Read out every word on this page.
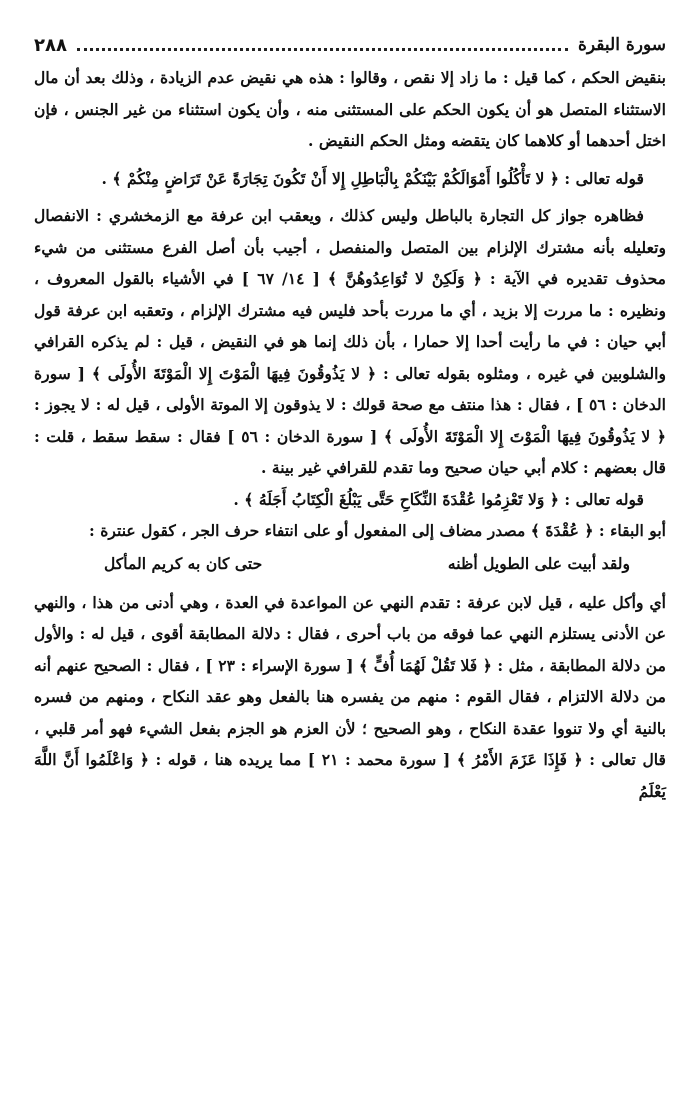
سورة البقرة
٢٨٨

بنقيض الحكم ، كما قيل : ما زاد إلا نقص ، وقالوا : هذه هي نقيض عدم الزيادة ، وذلك بعد أن مال الاستثناء المتصل هو أن يكون الحكم على المستثنى منه ، وأن يكون استثناء من غير الجنس ، فإن اختل أحدهما أو كلاهما كان يتقضه ومثل الحكم النقيض .

قوله تعالى : ﴿ لا تَأْكُلُوا أَمْوَالَكُمْ بَيْنَكُمْ بِالْبَاطِلِ إِلا أَنْ تَكُونَ تِجَارَةً عَنْ تَرَاضٍ مِنْكُمْ ﴾ .

فظاهره جواز كل التجارة بالباطل وليس كذلك ، ويعقب ابن عرفة مع الزمخشري : الانفصال وتعليله بأنه مشترك الإلزام بين المتصل والمنفصل ، أجيب بأن أصل الفرع مستثنى من شيء محذوف تقديره في الآية : ﴿ وَلَكِنْ لا تُوَاعِدُوهُنَّ ﴾ [ ١٤/ ٦٧ ] في الأشياء بالقول المعروف ، ونظيره : ما مررت إلا بزيد ، أي ما مررت بأحد فليس فيه مشترك الإلزام ، وتعقبه ابن عرفة قول أبي حيان : في ما رأيت أحدا إلا حمارا ، بأن ذلك إنما هو في النقيض ، قيل : لم يذكره القرافي والشلوبين في غيره ، ومثلوه بقوله تعالى : ﴿ لا يَذُوقُونَ فِيهَا الْمَوْتَ إِلا الْمَوْتَةَ الأُولَى ﴾ [ سورة الدخان : ٥٦ ] ، فقال : هذا منتف مع صحة قولك : لا يذوقون إلا الموتة الأولى ، قيل له : لا يجوز : ﴿ لا يَذُوقُونَ فِيهَا الْمَوْتَ إِلا الْمَوْتَةَ الأُولَى ﴾ [ سورة الدخان : ٥٦ ] فقال : سقط سقط ، قلت : قال بعضهم : كلام أبي حيان صحيح وما تقدم للقرافي غير بينة .

قوله تعالى : ﴿ وَلا تَعْزِمُوا عُقْدَةَ النِّكَاحِ حَتَّى يَبْلُغَ الْكِتَابُ أَجَلَهُ ﴾ .

أبو البقاء : ﴿ عُقْدَةَ ﴾ مصدر مضاف إلى المفعول أو على انتفاء حرف الجر ، كقول عنترة :

ولقد أبيت على الطويل أظنه
حتى كان به كريم المأكل

أي وأكل عليه ، قيل لابن عرفة : تقدم النهي عن المواعدة في العدة ، وهي أدنى من هذا ، والنهي عن الأدنى يستلزم النهي عما فوقه من باب أحرى ، فقال : دلالة المطابقة أقوى ، قيل له : والأول من دلالة المطابقة ، مثل : ﴿ فَلا تَقُلْ لَهُمَا أُفٍّ ﴾ [ سورة الإسراء : ٢٣ ] ، فقال : الصحيح عنهم أنه من دلالة الالتزام ، فقال القوم : منهم من يفسره هنا بالفعل وهو عقد النكاح ، ومنهم من فسره بالنية أي ولا تنووا عقدة النكاح ، وهو الصحيح ؛ لأن العزم هو الجزم بفعل الشيء فهو أمر قلبي ، قال تعالى : ﴿ فَإِذَا عَزَمَ الأَمْرُ ﴾ [ سورة محمد : ٢١ ] مما يريده هنا ، قوله : ﴿ وَاعْلَمُوا أَنَّ اللَّهَ يَعْلَمُ
